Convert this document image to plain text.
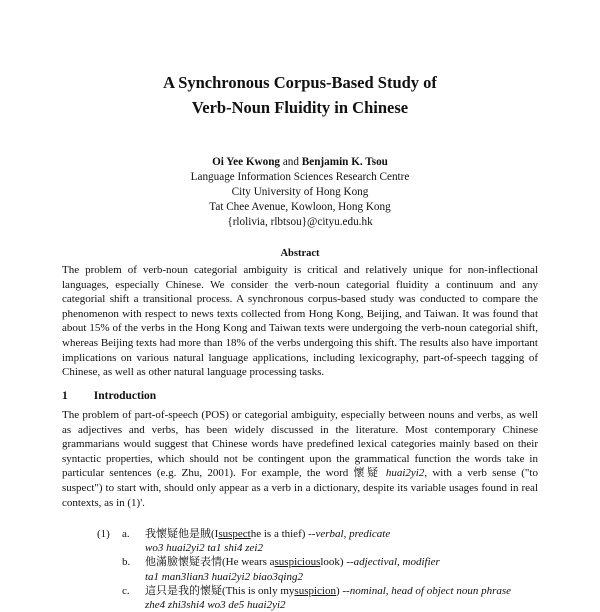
A Synchronous Corpus-Based Study of
Verb-Noun Fluidity in Chinese
Oi Yee Kwong and Benjamin K. Tsou
Language Information Sciences Research Centre
City University of Hong Kong
Tat Chee Avenue, Kowloon, Hong Kong
{rlolivia, rlbtsou}@cityu.edu.hk
Abstract
The problem of verb-noun categorial ambiguity is critical and relatively unique for non-inflectional languages, especially Chinese. We consider the verb-noun categorial fluidity a continuum and any categorial shift a transitional process. A synchronous corpus-based study was conducted to compare the phenomenon with respect to news texts collected from Hong Kong, Beijing, and Taiwan. It was found that about 15% of the verbs in the Hong Kong and Taiwan texts were undergoing the verb-noun categorial shift, whereas Beijing texts had more than 18% of the verbs undergoing this shift. The results also have important implications on various natural language applications, including lexicography, part-of-speech tagging of Chinese, as well as other natural language processing tasks.
1 Introduction
The problem of part-of-speech (POS) or categorial ambiguity, especially between nouns and verbs, as well as adjectives and verbs, has been widely discussed in the literature. Most contemporary Chinese grammarians would suggest that Chinese words have predefined lexical categories mainly based on their syntactic properties, which should not be contingent upon the grammatical function the words take in particular sentences (e.g. Zhu, 2001). For example, the word 懷疑 huai2yi2, with a verb sense ("to suspect") to start with, should only appear as a verb in a dictionary, despite its variable usages found in real contexts, as in (1)'.
(1)	a.	我懷疑他是賊 (I suspect he is a thief) -- verbal, predicate
wo3 huai2yi2 ta1 shi4 zei2
b.	他滿臉懷疑表情 (He wears a suspicious look) -- adjectival, modifier
ta1 man3lian3 huai2yi2 biao3qing2
c.	這只是我的懷疑 (This is only my suspicion ) -- nominal, head of object noun phrase
zhe4 zhi3shi4 wo3 de5 huai2yi2
